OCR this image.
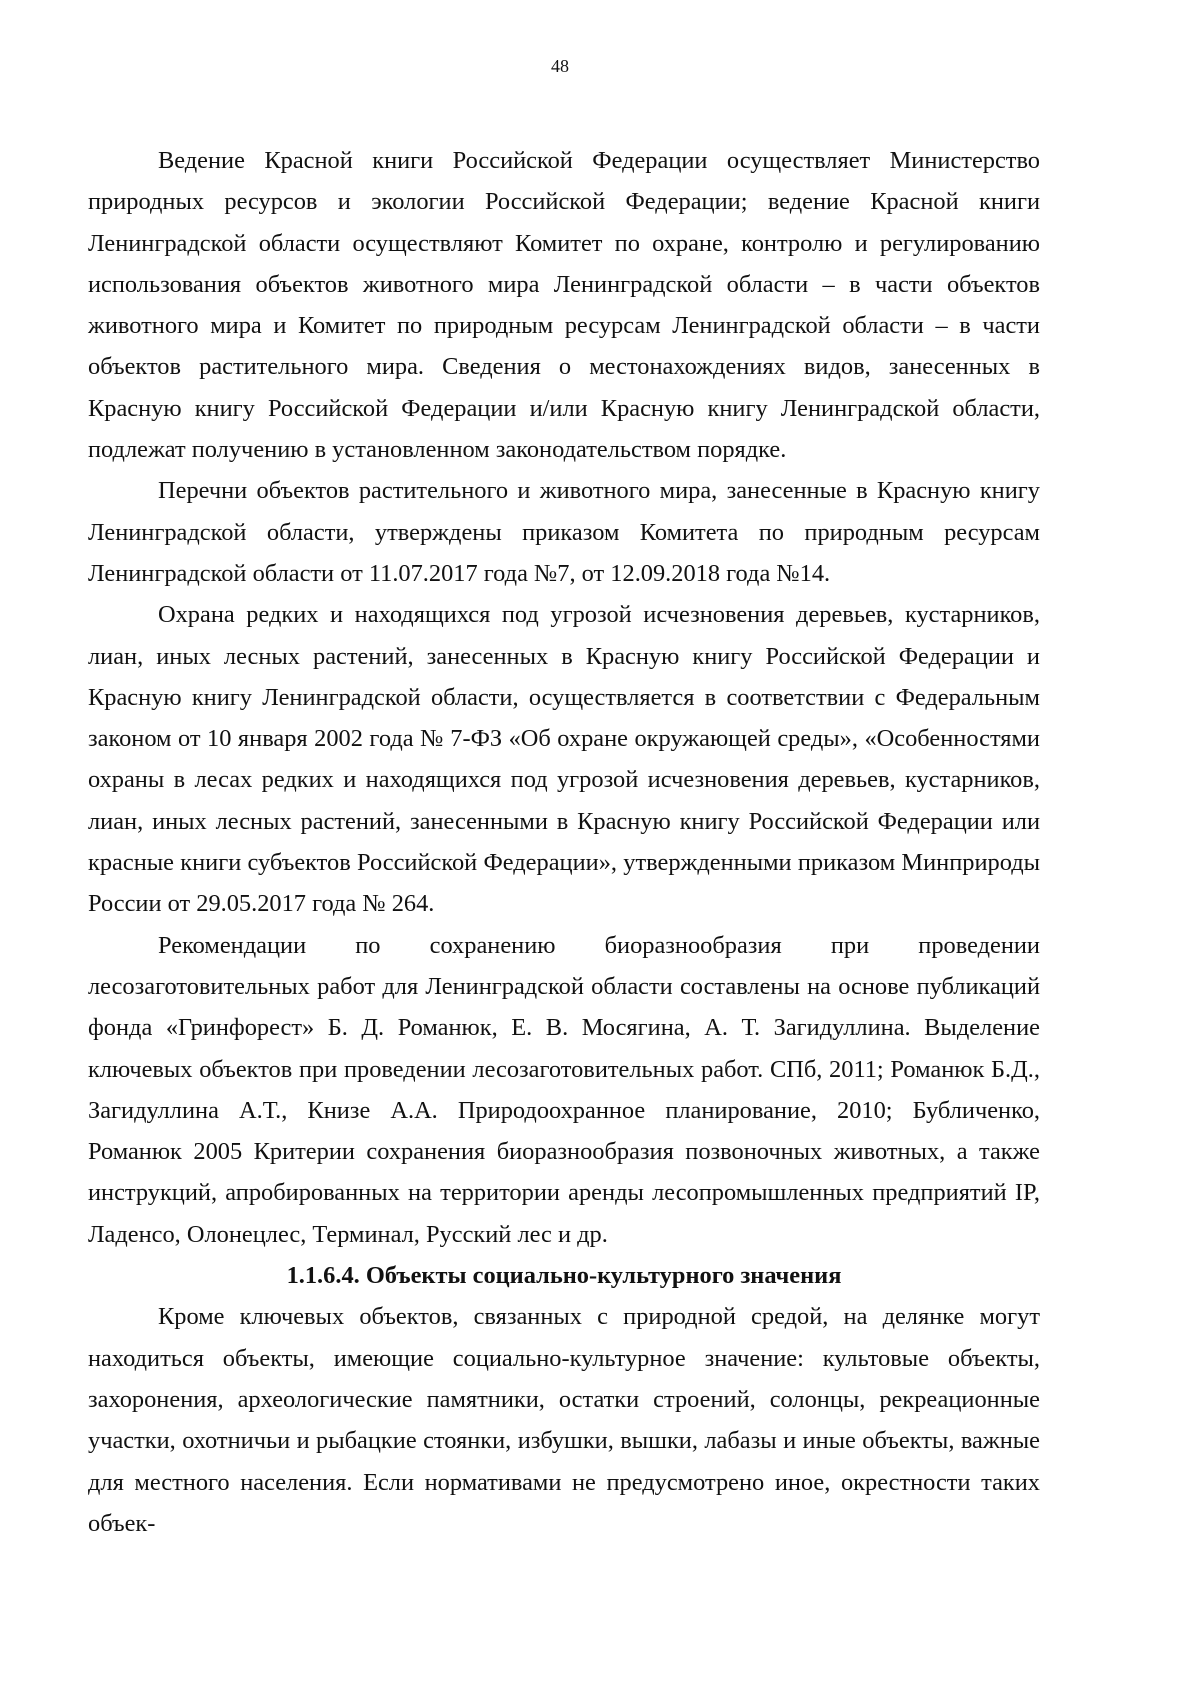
48

Ведение Красной книги Российской Федерации осуществляет Министерство природных ресурсов и экологии Российской Федерации; ведение Красной книги Ленинградской области осуществляют Комитет по охране, контролю и регулированию использования объектов животного мира Ленинградской области – в части объектов животного мира и Комитет по природным ресурсам Ленинградской области – в части объектов растительного мира. Сведения о местонахождениях видов, занесенных в Красную книгу Российской Федерации и/или Красную книгу Ленинградской области, подлежат получению в установленном законодательством порядке.

Перечни объектов растительного и животного мира, занесенные в Красную книгу Ленинградской области, утверждены приказом Комитета по природным ресурсам Ленинградской области от 11.07.2017 года №7, от 12.09.2018 года №14.

Охрана редких и находящихся под угрозой исчезновения деревьев, кустарников, лиан, иных лесных растений, занесенных в Красную книгу Российской Федерации и Красную книгу Ленинградской области, осуществляется в соответствии с Федеральным законом от 10 января 2002 года № 7-ФЗ «Об охране окружающей среды», «Особенностями охраны в лесах редких и находящихся под угрозой исчезновения деревьев, кустарников, лиан, иных лесных растений, занесенными в Красную книгу Российской Федерации или красные книги субъектов Российской Федерации», утвержденными приказом Минприроды России от 29.05.2017 года № 264.

Рекомендации по сохранению биоразнообразия при проведении лесозаготовительных работ для Ленинградской области составлены на основе публикаций фонда «Гринфорест» Б. Д. Романюк, Е. В. Мосягина, А. Т. Загидуллина. Выделение ключевых объектов при проведении лесозаготовительных работ. СПб, 2011; Романюк Б.Д., Загидуллина А.Т., Книзе А.А. Природоохранное планирование, 2010; Бубличенко, Романюк 2005 Критерии сохранения биоразнообразия позвоночных животных, а также инструкций, апробированных на территории аренды лесопромышленных предприятий IP, Ладенсо, Олонецлес, Терминал, Русский лес и др.

1.1.6.4. Объекты социально-культурного значения

Кроме ключевых объектов, связанных с природной средой, на делянке могут находиться объекты, имеющие социально-культурное значение: культовые объекты, захоронения, археологические памятники, остатки строений, солонцы, рекреационные участки, охотничьи и рыбацкие стоянки, избушки, вышки, лабазы и иные объекты, важные для местного населения. Если нормативами не предусмотрено иное, окрестности таких объек-
